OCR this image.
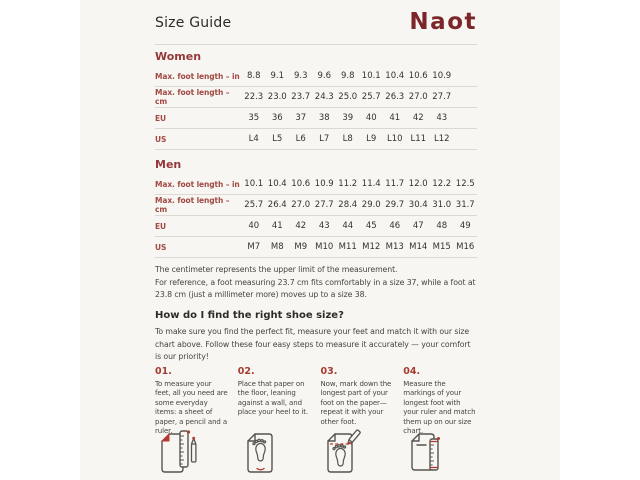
Size Guide	Naot
Women
Max. foot length – in 8.8	9.1	9.3	9.6	9.8 10.1 10.4 10.6 10.9
Max. foot length – cm	22.3 23.0 23.7 24.3 25.0 25.7 26.3 27.0 27.7
EU	35	36	37	38	39	40	41	42	43
US	L4	L5	L6	L7	L8	L9	L10 L11 L12
Men
Max. foot length – in 10.1 10.4 10.6 10.9 11.2 11.4 11.7 12.0 12.2 12.5
Max. foot length – cm	25.7 26.4 27.0 27.7 28.4 29.0 29.7 30.4 31.0 31.7
EU	40	41	42	43	44	45	46	47	48	49
US	M7	M8	M9 M10 M11 M12 M13 M14 M15 M16
The centimeter represents the upper limit of the measurement.
For reference, a foot measuring 23.7 cm fits comfortably in a size 37, while a foot at 23.8 cm (just a millimeter more) moves up to a size 38.
How do I find the right shoe size?
To make sure you find the perfect fit, measure your feet and match it with our size chart above. Follow these four easy steps to measure it accurately — your comfort is our priority!
01.
To measure your feet, all you need are some everyday items: a sheet of paper, a pencil and a ruler.
02.
Place that paper on the floor, leaning against a wall, and place your heel to it.
03.
Now, mark down the longest part of your foot on the paper—repeat it with your other foot.
04.
Measure the markings of your longest foot with your ruler and match them up on our size chart.
